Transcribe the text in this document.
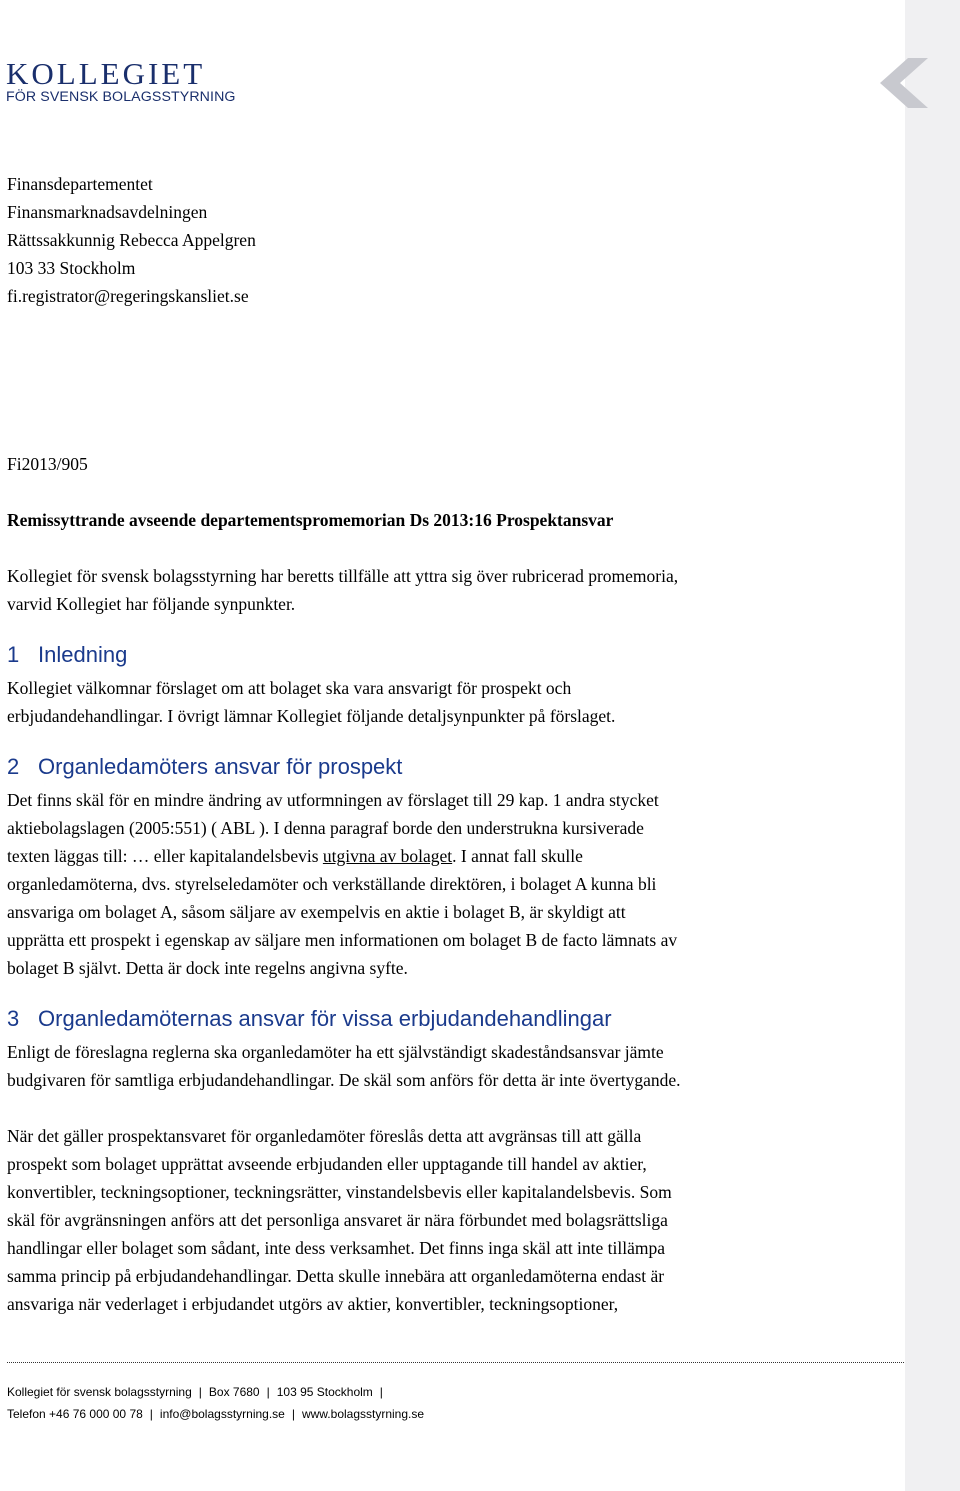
KOLLEGIET
FÖR SVENSK BOLAGSSTYRNING
Finansdepartementet
Finansmarknadsavdelningen
Rättssakkunnig Rebecca Appelgren
103 33 Stockholm
fi.registrator@regeringskansliet.se
Fi2013/905
Remissyttrande avseende departementspromemorian Ds 2013:16 Prospektansvar
Kollegiet för svensk bolagsstyrning har beretts tillfälle att yttra sig över rubricerad promemoria,
varvid Kollegiet har följande synpunkter.
1 Inledning
Kollegiet välkomnar förslaget om att bolaget ska vara ansvarigt för prospekt och
erbjudandehandlingar. I övrigt lämnar Kollegiet följande detaljsynpunkter på förslaget.
2 Organledamöters ansvar för prospekt
Det finns skäl för en mindre ändring av utformningen av förslaget till 29 kap. 1 andra stycket
aktiebolagslagen (2005:551) ( ABL ). I denna paragraf borde den understrukna kursiverade
texten läggas till: … eller kapitalandelsbevis utgivna av bolaget. I annat fall skulle
organledamöterna, dvs. styrelseledamöter och verkställande direktören, i bolaget A kunna bli
ansvariga om bolaget A, såsom säljare av exempelvis en aktie i bolaget B, är skyldigt att
upprätta ett prospekt i egenskap av säljare men informationen om bolaget B de facto lämnats av
bolaget B självt. Detta är dock inte regelns angivna syfte.
3 Organledamöternas ansvar för vissa erbjudandehandlingar
Enligt de föreslagna reglerna ska organledamöter ha ett självständigt skadeståndsansvar jämte
budgivaren för samtliga erbjudandehandlingar. De skäl som anförs för detta är inte övertygande.
När det gäller prospektansvaret för organledamöter föreslås detta att avgränsas till att gälla
prospekt som bolaget upprättat avseende erbjudanden eller upptagande till handel av aktier,
konvertibler, teckningsoptioner, teckningsrätter, vinstandelsbevis eller kapitalandelsbevis. Som
skäl för avgränsningen anförs att det personliga ansvaret är nära förbundet med bolagsrättsliga
handlingar eller bolaget som sådant, inte dess verksamhet. Det finns inga skäl att inte tillämpa
samma princip på erbjudandehandlingar. Detta skulle innebära att organledamöterna endast är
ansvariga när vederlaget i erbjudandet utgörs av aktier, konvertibler, teckningsoptioner,
Kollegiet för svensk bolagsstyrning | Box 7680 | 103 95 Stockholm |
Telefon +46 76 000 00 78 | info@bolagsstyrning.se | www.bolagsstyrning.se
